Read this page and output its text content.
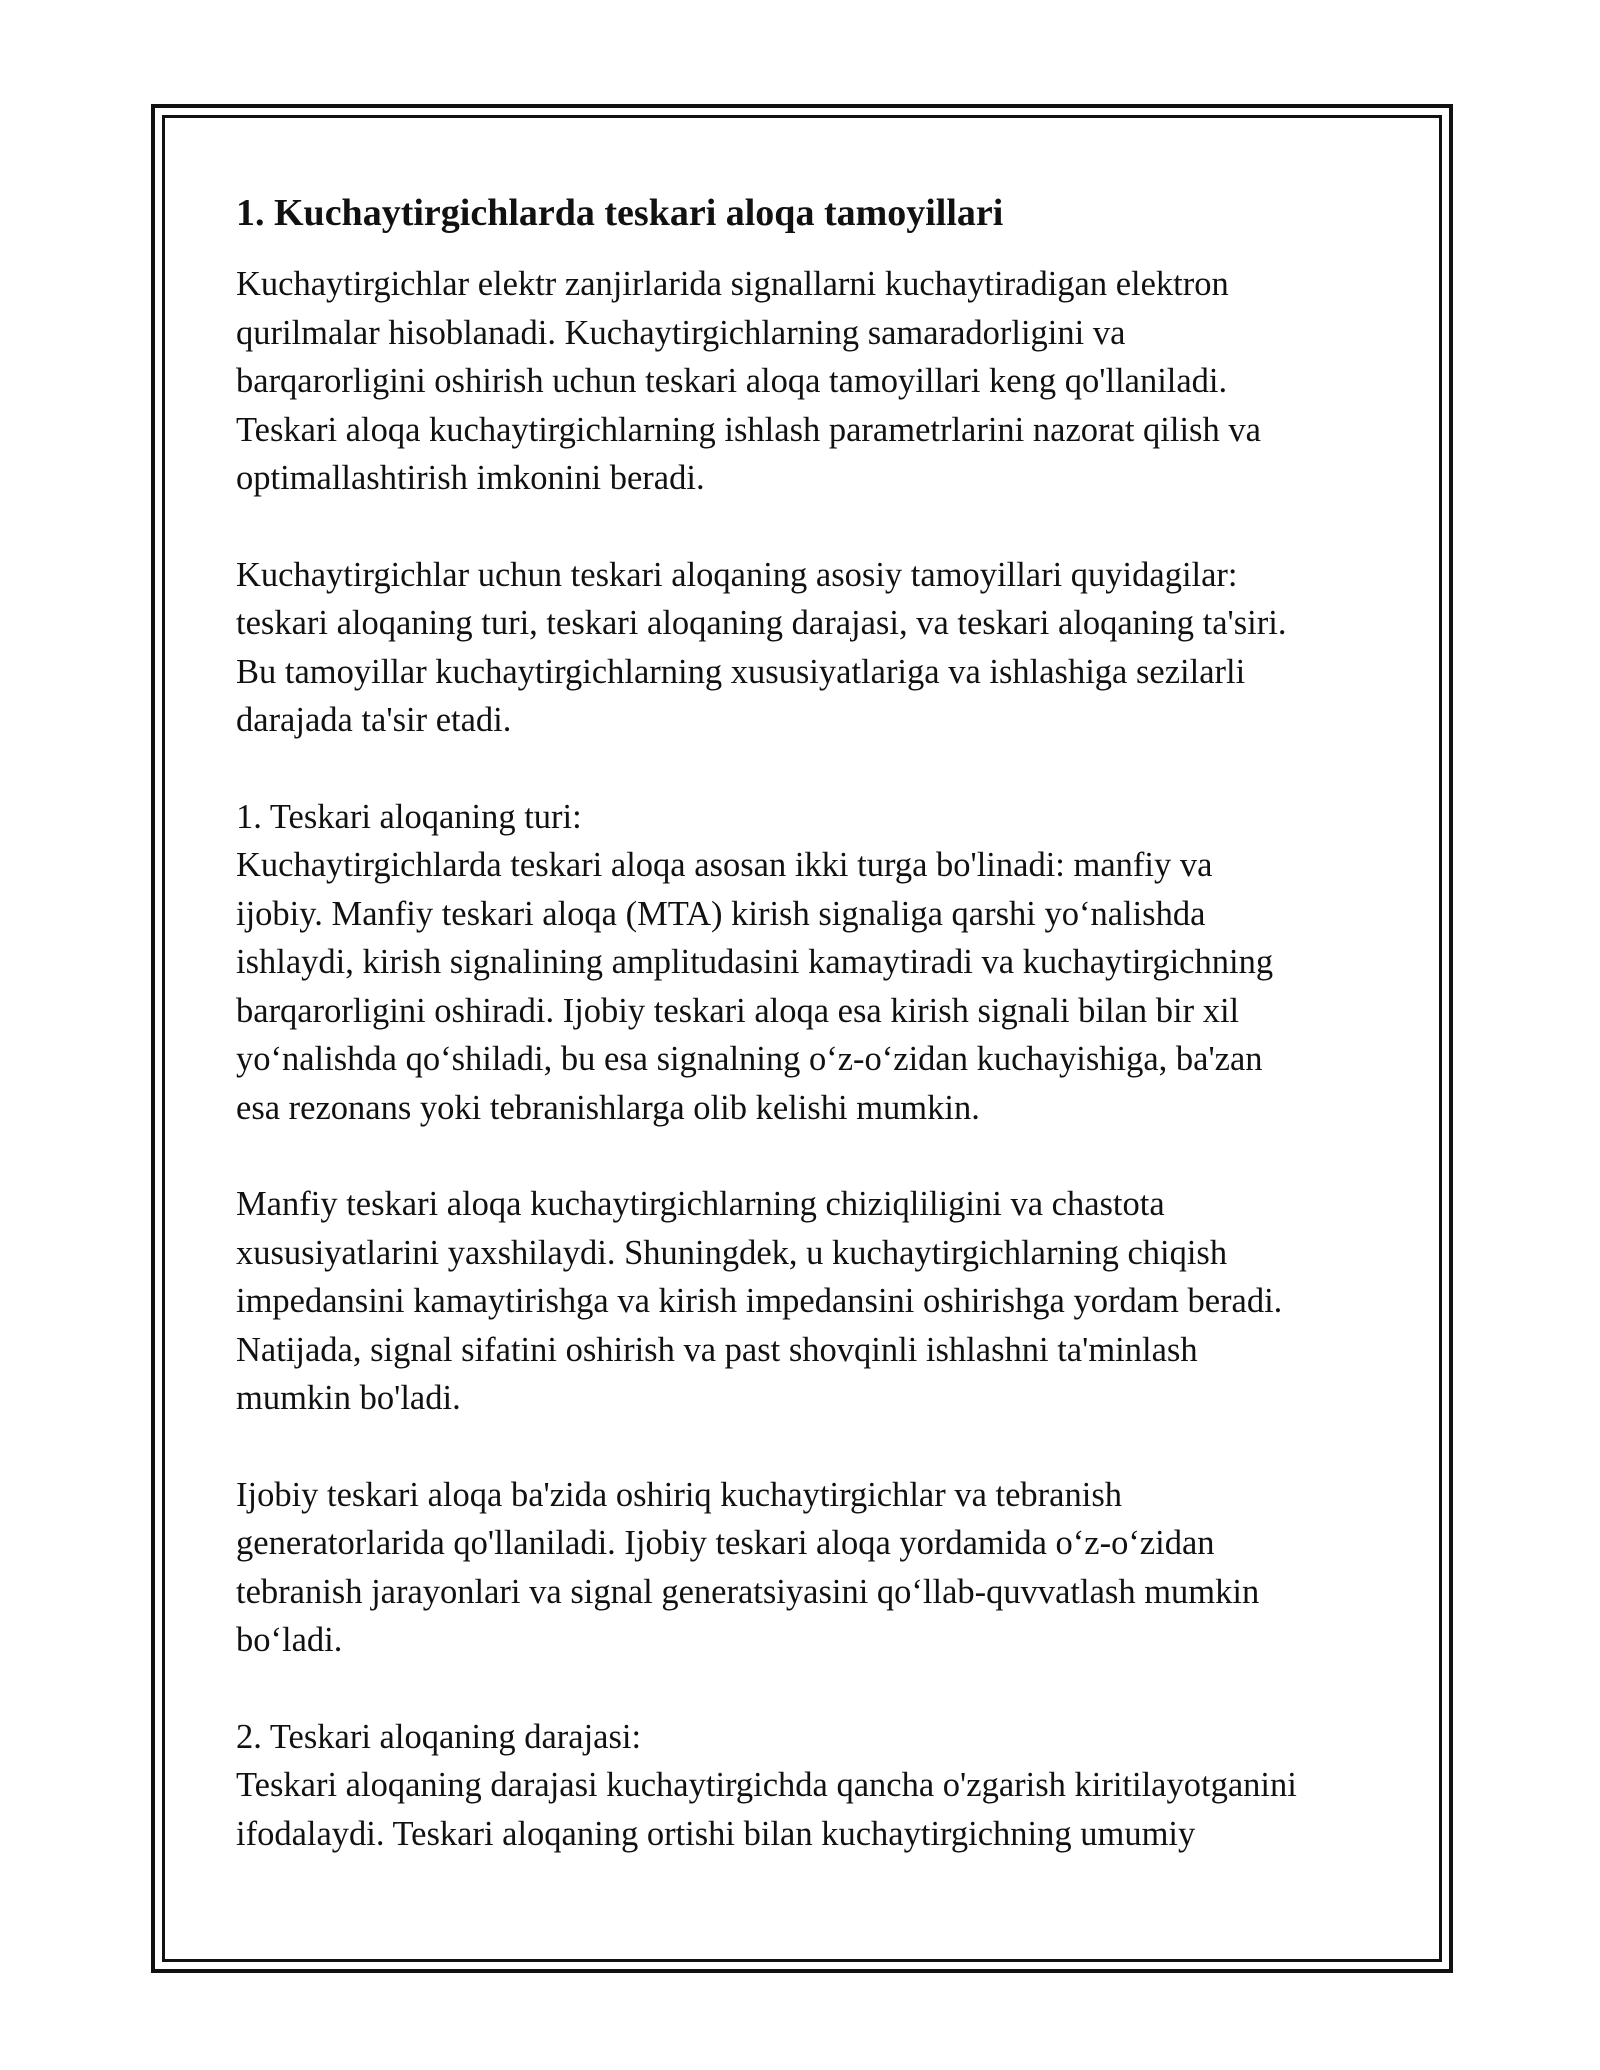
1. Kuchaytirgichlarda teskari aloqa tamoyillari

Kuchaytirgichlar elektr zanjirlarida signallarni kuchaytiradigan elektron
qurilmalar hisoblanadi. Kuchaytirgichlarning samaradorligini va
barqarorligini oshirish uchun teskari aloqa tamoyillari keng qo'llaniladi.
Teskari aloqa kuchaytirgichlarning ishlash parametrlarini nazorat qilish va
optimallashtirish imkonini beradi.

Kuchaytirgichlar uchun teskari aloqaning asosiy tamoyillari quyidagilar:
teskari aloqaning turi, teskari aloqaning darajasi, va teskari aloqaning ta'siri.
Bu tamoyillar kuchaytirgichlarning xususiyatlariga va ishlashiga sezilarli
darajada ta'sir etadi.

1. Teskari aloqaning turi:
Kuchaytirgichlarda teskari aloqa asosan ikki turga bo'linadi: manfiy va
ijobiy. Manfiy teskari aloqa (MTA) kirish signaliga qarshi yo‘nalishda
ishlaydi, kirish signalining amplitudasini kamaytiradi va kuchaytirgichning
barqarorligini oshiradi. Ijobiy teskari aloqa esa kirish signali bilan bir xil
yo‘nalishda qo‘shiladi, bu esa signalning o‘z-o‘zidan kuchayishiga, ba'zan
esa rezonans yoki tebranishlarga olib kelishi mumkin.

Manfiy teskari aloqa kuchaytirgichlarning chiziqliligini va chastota
xususiyatlarini yaxshilaydi. Shuningdek, u kuchaytirgichlarning chiqish
impedansini kamaytirishga va kirish impedansini oshirishga yordam beradi.
Natijada, signal sifatini oshirish va past shovqinli ishlashni ta'minlash
mumkin bo'ladi.

Ijobiy teskari aloqa ba'zida oshiriq kuchaytirgichlar va tebranish
generatorlarida qo'llaniladi. Ijobiy teskari aloqa yordamida o‘z-o‘zidan
tebranish jarayonlari va signal generatsiyasini qo‘llab-quvvatlash mumkin
bo‘ladi.

2. Teskari aloqaning darajasi:
Teskari aloqaning darajasi kuchaytirgichda qancha o'zgarish kiritilayotganini
ifodalaydi. Teskari aloqaning ortishi bilan kuchaytirgichning umumiy
